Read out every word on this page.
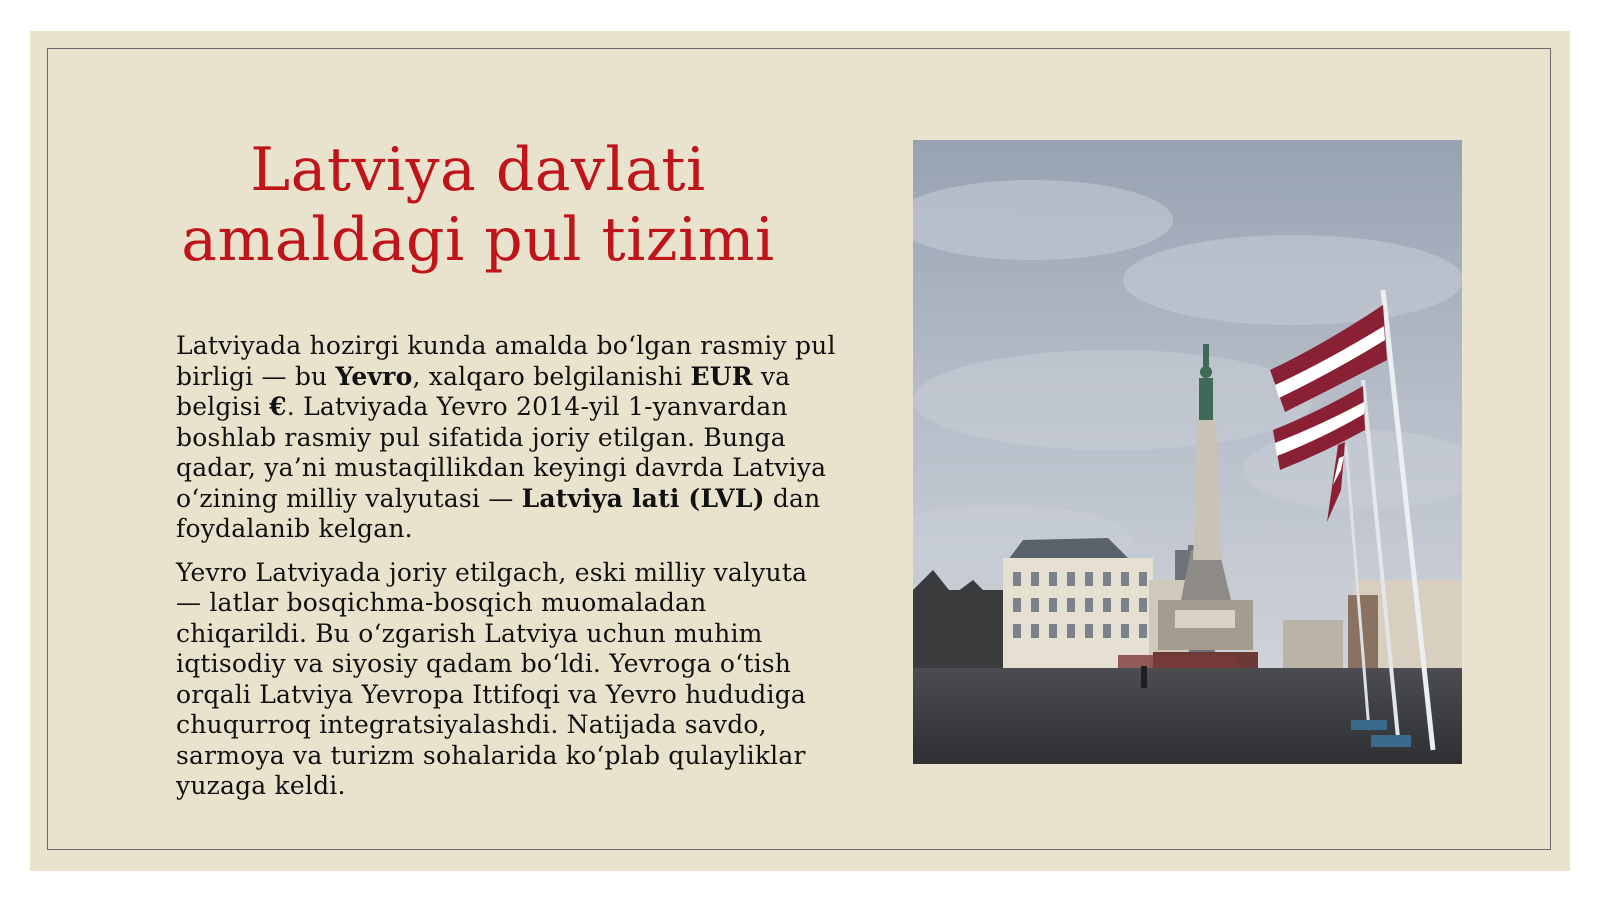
Latviya davlati
amaldagi pul tizimi

Latviyada hozirgi kunda amalda bo‘lgan rasmiy pul birligi — bu Yevro, xalqaro belgilanishi EUR va belgisi €. Latviyada Yevro 2014-yil 1-yanvardan boshlab rasmiy pul sifatida joriy etilgan. Bunga qadar, ya’ni mustaqillikdan keyingi davrda Latviya o‘zining milliy valyutasi — Latviya lati (LVL) dan foydalanib kelgan.

Yevro Latviyada joriy etilgach, eski milliy valyuta — latlar bosqichma-bosqich muomaladan chiqarildi. Bu o‘zgarish Latviya uchun muhim iqtisodiy va siyosiy qadam bo‘ldi. Yevroga o‘tish orqali Latviya Yevropa Ittifoqi va Yevro hududiga chuqurroq integratsiyalashdi. Natijada savdo, sarmoya va turizm sohalarida ko‘plab qulayliklar yuzaga keldi.
